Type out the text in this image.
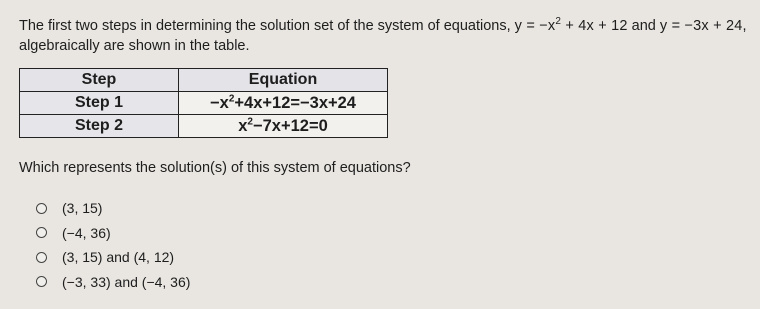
The first two steps in determining the solution set of the system of equations, $y = -x^2 + 4x + 12$ and y = −3x + 24, algebraically are shown in the table.
Step	Equation
Step 1	$-x^2+4x+12=-3x+24$
Step 2	$x^2-7x+12=0$
Which represents the solution(s) of this system of equations?
(3, 15)
(−4, 36)
(3, 15) and (4, 12)
(−3, 33) and (−4, 36)
